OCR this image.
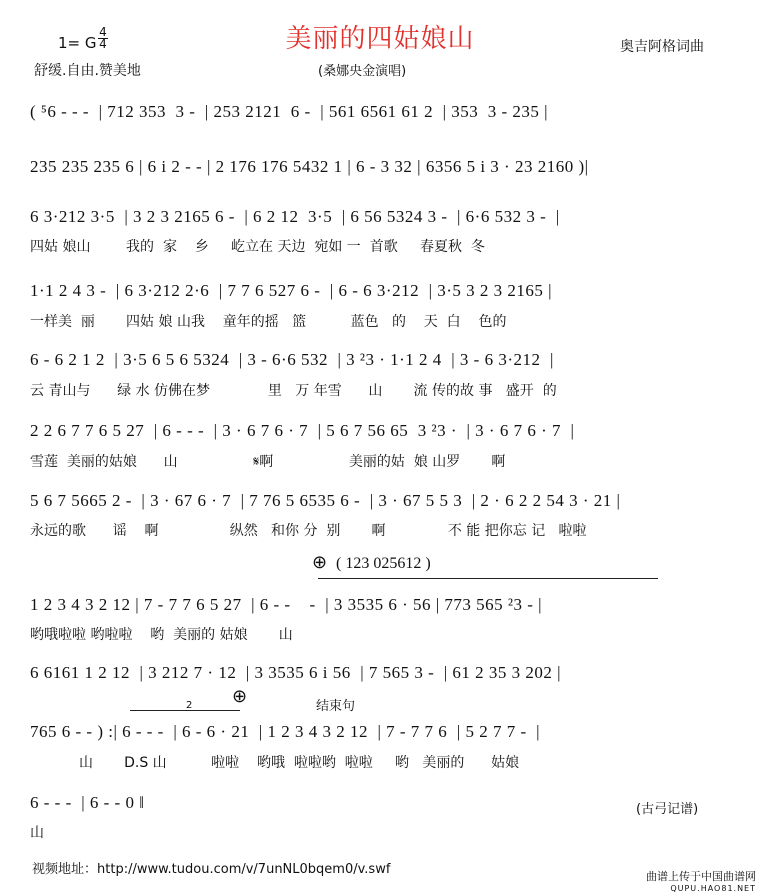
美丽的四姑娘山
1= G
4
4
舒缓.自由.赞美地	(桑娜央金演唱)
奥吉阿格词曲
( ⁵6 - - -  | 712 353  3 -  | 253 2121  6 -  | 561 6561 61 2  | 353  3 - 235 |
235 235 235 6 | 6 i 2 - - | 2 176 176 5432 1 | 6 - 3 32 | 6356 5 i 3 · 23 2160 )|
6 3·212 3·5  | 3 2 3 2165 6 -  | 6 2 12  3·5  | 6 56 5324 3 -  | 6·6 532 3 -  |
四姑 娘山        我的  家    乡     屹立在 天边  宛如 一  首歌     春夏秋  冬
1·1 2 4 3 -  | 6 3·212 2·6  | 7 7 6 527 6 -  | 6 - 6 3·212  | 3·5 3 2 3 2165 |
一样美  丽       四姑 娘 山我    童年的摇   篮          蓝色   的    天  白    色的
6 - 6 2 1 2  | 3·5 6 5 6 5324  | 3 - 6·6 532  | 3 ²3 · 1·1 2 4  | 3 - 6 3·212  |
云 青山与      绿 水 仿佛在梦             里   万 年雪      山       流 传的故 事   盛开  的
2 2 6 7 7 6 5 27  | 6 - - -  | 3 · 6 7 6 · 7  | 5 6 7 56 65  3 ²3 ·  | 3 · 6 7 6 · 7  |
雪莲  美丽的姑娘      山                 𝄋啊                 美丽的姑  娘 山罗       啊
5 6 7 5665 2 -  | 3 · 67 6 · 7  | 7 76 5 6535 6 -  | 3 · 67 5 5 3  | 2 · 6 2 2 54 3 · 21 |
永远的歌      谣    啊                纵然   和你 分  别       啊              不 能 把你忘 记   啦啦
⊕ ( 123 025612 )
1 2 3 4 3 2 12 | 7 - 7 7 6 5 27  | 6 - -    -  | 3 3535 6 · 56 | 773 565 ²3 - |
哟哦啦啦 哟啦啦    哟  美丽的 姑娘       山
6 6161 1 2 12  | 3 212 7 · 12  | 3 3535 6 i 56  | 7 565 3 -  | 61 2 35 3 202 |
2 ⊕	结束句
765 6 - - ) :| 6 - - -  | 6 - 6 · 21  | 1 2 3 4 3 2 12  | 7 - 7 7 6  | 5 2 7 7 -  |
山       D.S 山          啦啦    哟哦  啦啦哟  啦啦     哟   美丽的      姑娘
6 - - -  | 6 - - 0 ‖
山
(古弓记谱)
视频地址：http://www.tudou.com/v/7unNL0bqem0/v.swf	曲谱上传于中国曲谱网
QUPU.HAO81.NET
